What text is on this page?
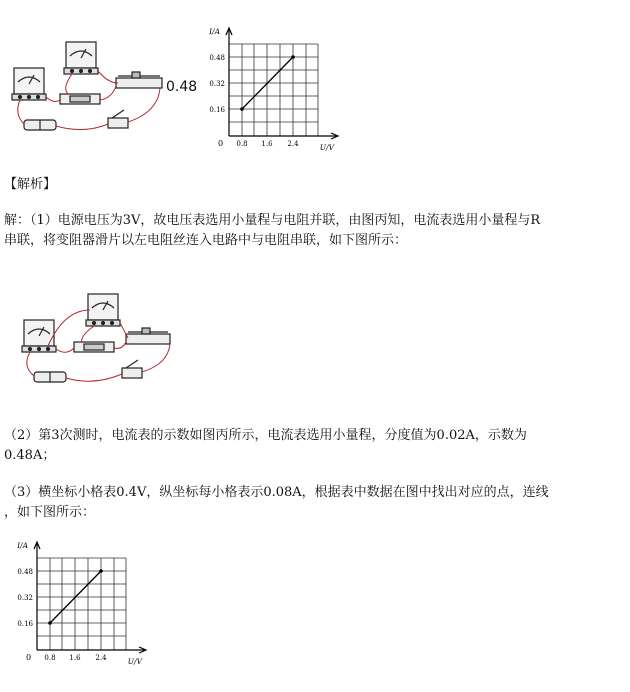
0.48
I/A
U/V
0
0.48
0.32
0.16
0.8 1.6 2.4
【解析】
解：（1）电源电压为3V，故电压表选用小量程与电阻并联，由图丙知，电流表选用小量程与R
串联，将变阻器滑片以左电阻丝连入电路中与电阻串联，如下图所示：
（2）第3次测时，电流表的示数如图丙所示，电流表选用小量程，分度值为0.02A，示数为
0.48A；
（3）横坐标小格表0.4V，纵坐标每小格表示0.08A，根据表中数据在图中找出对应的点，连线
，如下图所示：
I/A
U/V
0
0.48
0.32
0.16
0.8 1.6 2.4
